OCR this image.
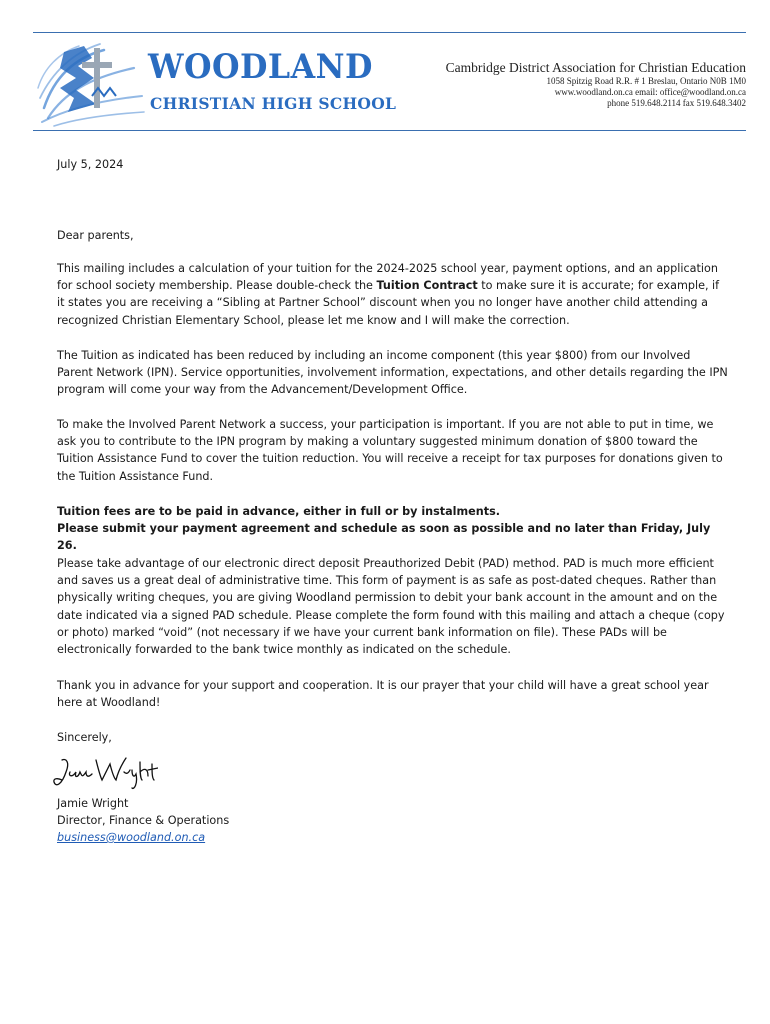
WOODLAND
CHRISTIAN HIGH SCHOOL
Cambridge District Association for Christian Education
1058 Spitzig Road R.R. # 1 Breslau, Ontario N0B 1M0
www.woodland.on.ca email: office@woodland.on.ca
phone 519.648.2114 fax 519.648.3402
July 5, 2024
Dear parents,

This mailing includes a calculation of your tuition for the 2024-2025 school year, payment options, and an application for school society membership. Please double-check the Tuition Contract to make sure it is accurate; for example, if it states you are receiving a “Sibling at Partner School” discount when you no longer have another child attending a recognized Christian Elementary School, please let me know and I will make the correction.

The Tuition as indicated has been reduced by including an income component (this year $800) from our Involved Parent Network (IPN). Service opportunities, involvement information, expectations, and other details regarding the IPN program will come your way from the Advancement/Development Office.

To make the Involved Parent Network a success, your participation is important. If you are not able to put in time, we ask you to contribute to the IPN program by making a voluntary suggested minimum donation of $800 toward the Tuition Assistance Fund to cover the tuition reduction. You will receive a receipt for tax purposes for donations given to the Tuition Assistance Fund.

Tuition fees are to be paid in advance, either in full or by instalments.

Please submit your payment agreement and schedule as soon as possible and no later than Friday, July 26.

Please take advantage of our electronic direct deposit Preauthorized Debit (PAD) method. PAD is much more efficient and saves us a great deal of administrative time. This form of payment is as safe as post-dated cheques. Rather than physically writing cheques, you are giving Woodland permission to debit your bank account in the amount and on the date indicated via a signed PAD schedule. Please complete the form found with this mailing and attach a cheque (copy or photo) marked “void” (not necessary if we have your current bank information on file). These PADs will be electronically forwarded to the bank twice monthly as indicated on the schedule.

Thank you in advance for your support and cooperation. It is our prayer that your child will have a great school year here at Woodland!

Sincerely,

Jamie Wright
Director, Finance & Operations
business@woodland.on.ca
